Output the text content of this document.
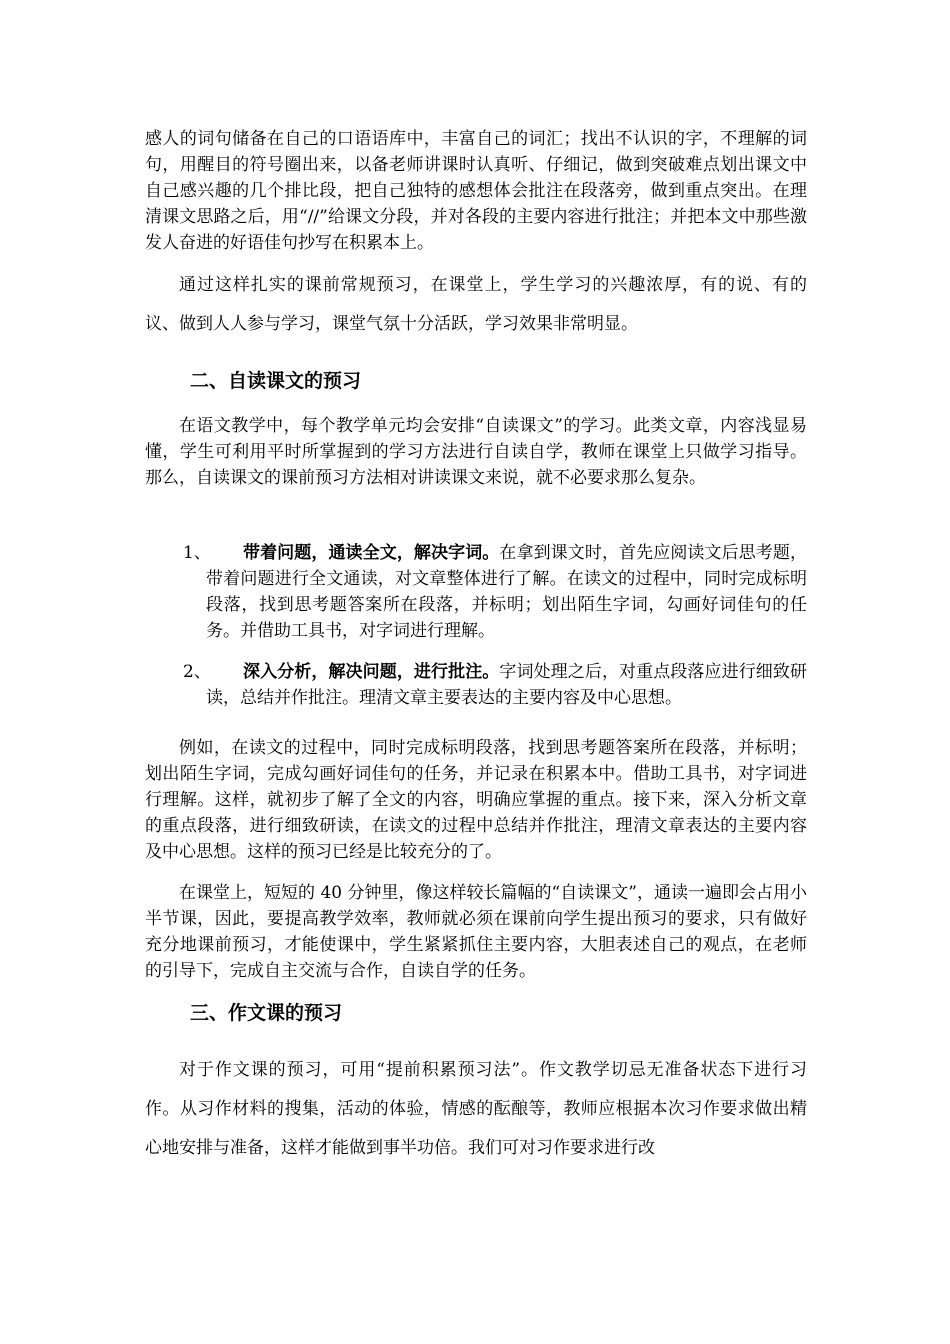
感人的词句储备在自己的口语语库中，丰富自己的词汇；找出不认识的字，不理解的词句，用醒目的符号圈出来，以备老师讲课时认真听、仔细记，做到突破难点划出课文中自己感兴趣的几个排比段，把自己独特的感想体会批注在段落旁，做到重点突出。在理清课文思路之后，用“//”给课文分段，并对各段的主要内容进行批注；并把本文中那些激发人奋进的好语佳句抄写在积累本上。

通过这样扎实的课前常规预习，在课堂上，学生学习的兴趣浓厚，有的说、有的议、做到人人参与学习，课堂气氛十分活跃，学习效果非常明显。

二、自读课文的预习

在语文教学中，每个教学单元均会安排“自读课文”的学习。此类文章，内容浅显易懂，学生可利用平时所掌握到的学习方法进行自读自学，教师在课堂上只做学习指导。那么，自读课文的课前预习方法相对讲读课文来说，就不必要求那么复杂。

1、	带着问题，通读全文，解决字词。在拿到课文时，首先应阅读文后思考题，带着问题进行全文通读，对文章整体进行了解。在读文的过程中，同时完成标明段落，找到思考题答案所在段落，并标明；划出陌生字词，勾画好词佳句的任务。并借助工具书，对字词进行理解。
2、	深入分析，解决问题，进行批注。字词处理之后，对重点段落应进行细致研读，总结并作批注。理清文章主要表达的主要内容及中心思想。

例如，在读文的过程中，同时完成标明段落，找到思考题答案所在段落，并标明；划出陌生字词，完成勾画好词佳句的任务，并记录在积累本中。借助工具书，对字词进行理解。这样，就初步了解了全文的内容，明确应掌握的重点。接下来，深入分析文章的重点段落，进行细致研读，在读文的过程中总结并作批注，理清文章表达的主要内容及中心思想。这样的预习已经是比较充分的了。

在课堂上，短短的 40 分钟里，像这样较长篇幅的“自读课文”，通读一遍即会占用小半节课，因此，要提高教学效率，教师就必须在课前向学生提出预习的要求，只有做好充分地课前预习，才能使课中，学生紧紧抓住主要内容，大胆表述自己的观点，在老师的引导下，完成自主交流与合作，自读自学的任务。

三、作文课的预习

对于作文课的预习，可用“提前积累预习法”。作文教学切忌无准备状态下进行习作。从习作材料的搜集，活动的体验，情感的酝酿等，教师应根据本次习作要求做出精心地安排与准备，这样才能做到事半功倍。我们可对习作要求进行改
